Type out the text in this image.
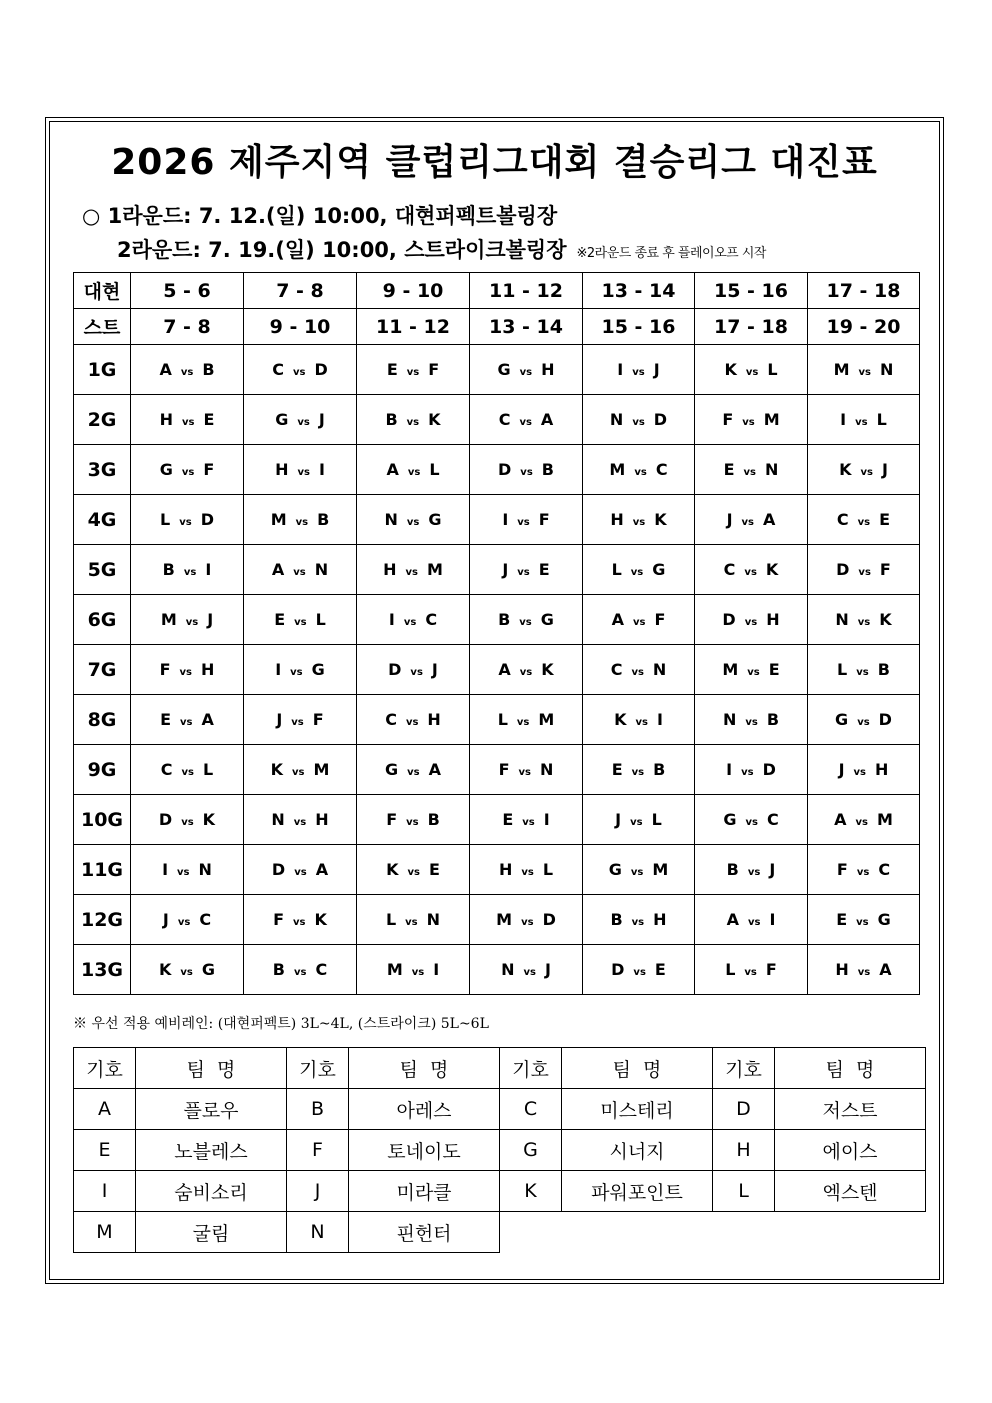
2026 제주지역 클럽리그대회 결승리그 대진표
○ 1라운드: 7. 12.(일) 10:00, 대현퍼펙트볼링장
2라운드: 7. 19.(일) 10:00, 스트라이크볼링장 ※2라운드 종료 후 플레이오프 시작
대현	5 - 6	7 - 8	9 - 10	11 - 12	13 - 14	15 - 16	17 - 18
스트	7 - 8	9 - 10	11 - 12	13 - 14	15 - 16	17 - 18	19 - 20
1G	A vs B	C vs D	E vs F	G vs H	I vs J	K vs L	M vs N
2G	H vs E	G vs J	B vs K	C vs A	N vs D	F vs M	I vs L
3G	G vs F	H vs I	A vs L	D vs B	M vs C	E vs N	K vs J
4G	L vs D	M vs B	N vs G	I vs F	H vs K	J vs A	C vs E
5G	B vs I	A vs N	H vs M	J vs E	L vs G	C vs K	D vs F
6G	M vs J	E vs L	I vs C	B vs G	A vs F	D vs H	N vs K
7G	F vs H	I vs G	D vs J	A vs K	C vs N	M vs E	L vs B
8G	E vs A	J vs F	C vs H	L vs M	K vs I	N vs B	G vs D
9G	C vs L	K vs M	G vs A	F vs N	E vs B	I vs D	J vs H
10G	D vs K	N vs H	F vs B	E vs I	J vs L	G vs C	A vs M
11G	I vs N	D vs A	K vs E	H vs L	G vs M	B vs J	F vs C
12G	J vs C	F vs K	L vs N	M vs D	B vs H	A vs I	E vs G
13G	K vs G	B vs C	M vs I	N vs J	D vs E	L vs F	H vs A
※ 우선 적용 예비레인: (대현퍼펙트) 3L~4L, (스트라이크) 5L~6L
기호	팀  명	기호	팀  명	기호	팀  명	기호	팀  명
A	플로우	B	아레스	C	미스테리	D	저스트
E	노블레스	F	토네이도	G	시너지	H	에이스
I	숨비소리	J	미라클	K	파워포인트	L	엑스텐
M	굴림	N	핀헌터				
